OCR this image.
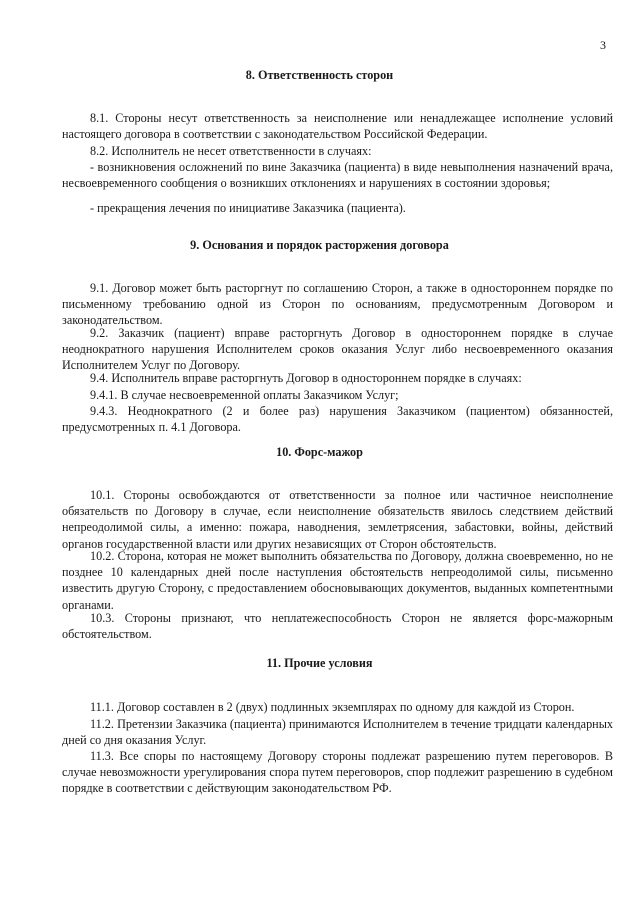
3
8. Ответственность сторон

8.1. Стороны несут ответственность за неисполнение или ненадлежащее исполнение условий настоящего договора в соответствии с законодательством Российской Федерации.

8.2. Исполнитель не несет ответственности в случаях:

- возникновения осложнений по вине Заказчика (пациента) в виде невыполнения назначений врача, несвоевременного сообщения о возникших отклонениях и нарушениях в состоянии здоровья;

- прекращения лечения по инициативе Заказчика (пациента).

9. Основания и порядок расторжения договора

9.1. Договор может быть расторгнут по соглашению Сторон, а также в одностороннем порядке по письменному требованию одной из Сторон по основаниям, предусмотренным Договором и законодательством.

9.2. Заказчик (пациент) вправе расторгнуть Договор в одностороннем порядке в случае неоднократного нарушения Исполнителем сроков оказания Услуг либо несвоевременного оказания Исполнителем Услуг по Договору.

9.4. Исполнитель вправе расторгнуть Договор в одностороннем порядке в случаях:

9.4.1. В случае несвоевременной оплаты Заказчиком Услуг;

9.4.3. Неоднократного (2 и более раз) нарушения Заказчиком (пациентом) обязанностей, предусмотренных п. 4.1 Договора.

10. Форс-мажор

10.1. Стороны освобождаются от ответственности за полное или частичное неисполнение обязательств по Договору в случае, если неисполнение обязательств явилось следствием действий непреодолимой силы, а именно: пожара, наводнения, землетрясения, забастовки, войны, действий органов государственной власти или других независящих от Сторон обстоятельств.

10.2. Сторона, которая не может выполнить обязательства по Договору, должна своевременно, но не позднее 10 календарных дней после наступления обстоятельств непреодолимой силы, письменно известить другую Сторону, с предоставлением обосновывающих документов, выданных компетентными органами.

10.3. Стороны признают, что неплатежеспособность Сторон не является форс-мажорным обстоятельством.

11. Прочие условия

11.1. Договор составлен в 2 (двух) подлинных экземплярах по одному для каждой из Сторон.

11.2. Претензии Заказчика (пациента) принимаются Исполнителем в течение тридцати календарных дней со дня оказания Услуг.

11.3. Все споры по настоящему Договору стороны подлежат разрешению путем переговоров. В случае невозможности урегулирования спора путем переговоров, спор подлежит разрешению в судебном порядке в соответствии с действующим законодательством РФ.
